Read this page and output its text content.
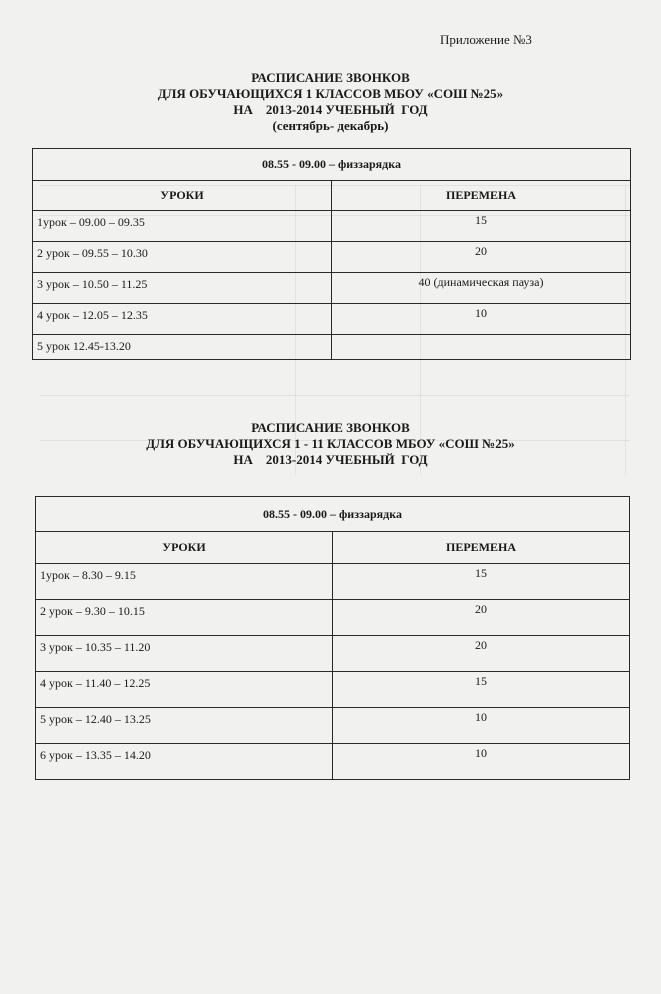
Приложение №3
РАСПИСАНИЕ ЗВОНКОВ
ДЛЯ ОБУЧАЮЩИХСЯ 1 КЛАССОВ МБОУ «СОШ №25»
НА    2013-2014 УЧЕБНЫЙ  ГОД
(сентябрь- декабрь)
08.55 - 09.00 – физзарядка	
УРОКИ	ПЕРЕМЕНА
1урок – 09.00 – 09.35	15
2 урок – 09.55 – 10.30	20
3 урок – 10.50 – 11.25	40 (динамическая пауза)
4 урок – 12.05 – 12.35	10
5 урок 12.45-13.20	
РАСПИСАНИЕ ЗВОНКОВ
ДЛЯ ОБУЧАЮЩИХСЯ 1 - 11 КЛАССОВ МБОУ «СОШ №25»
НА    2013-2014 УЧЕБНЫЙ  ГОД
08.55 - 09.00 – физзарядка	
УРОКИ	ПЕРЕМЕНА
1урок – 8.30 – 9.15	15
2 урок – 9.30 – 10.15	20
3 урок – 10.35 – 11.20	20
4 урок – 11.40 – 12.25	15
5 урок – 12.40 – 13.25	10
6 урок – 13.35 – 14.20	10
